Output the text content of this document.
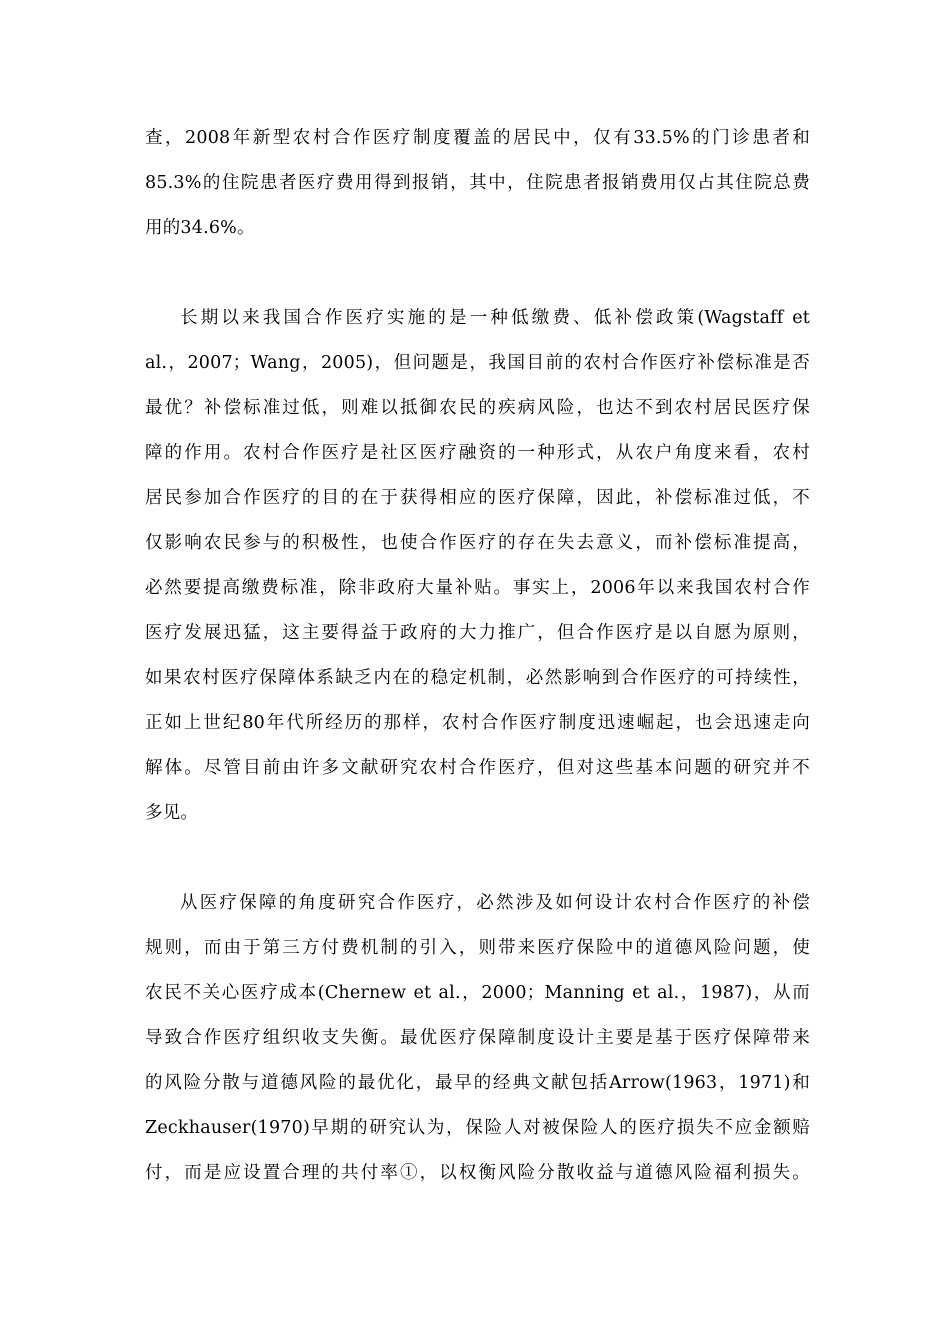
查，2008年新型农村合作医疗制度覆盖的居民中，仅有33.5%的门诊患者和
85.3%的住院患者医疗费用得到报销，其中，住院患者报销费用仅占其住院总费
用的34.6%。
长期以来我国合作医疗实施的是一种低缴费、低补偿政策(Wagstaff et
al.，2007；Wang，2005)，但问题是，我国目前的农村合作医疗补偿标准是否
最优？补偿标准过低，则难以抵御农民的疾病风险，也达不到农村居民医疗保
障的作用。农村合作医疗是社区医疗融资的一种形式，从农户角度来看，农村
居民参加合作医疗的目的在于获得相应的医疗保障，因此，补偿标准过低，不
仅影响农民参与的积极性，也使合作医疗的存在失去意义，而补偿标准提高，
必然要提高缴费标准，除非政府大量补贴。事实上，2006年以来我国农村合作
医疗发展迅猛，这主要得益于政府的大力推广，但合作医疗是以自愿为原则，
如果农村医疗保障体系缺乏内在的稳定机制，必然影响到合作医疗的可持续性，
正如上世纪80年代所经历的那样，农村合作医疗制度迅速崛起，也会迅速走向
解体。尽管目前由许多文献研究农村合作医疗，但对这些基本问题的研究并不
多见。
从医疗保障的角度研究合作医疗，必然涉及如何设计农村合作医疗的补偿
规则，而由于第三方付费机制的引入，则带来医疗保险中的道德风险问题，使
农民不关心医疗成本(Chernew et al.，2000；Manning et al.，1987)，从而
导致合作医疗组织收支失衡。最优医疗保障制度设计主要是基于医疗保障带来
的风险分散与道德风险的最优化，最早的经典文献包括Arrow(1963，1971)和
Zeckhauser(1970)早期的研究认为，保险人对被保险人的医疗损失不应金额赔
付，而是应设置合理的共付率①，以权衡风险分散收益与道德风险福利损失。
